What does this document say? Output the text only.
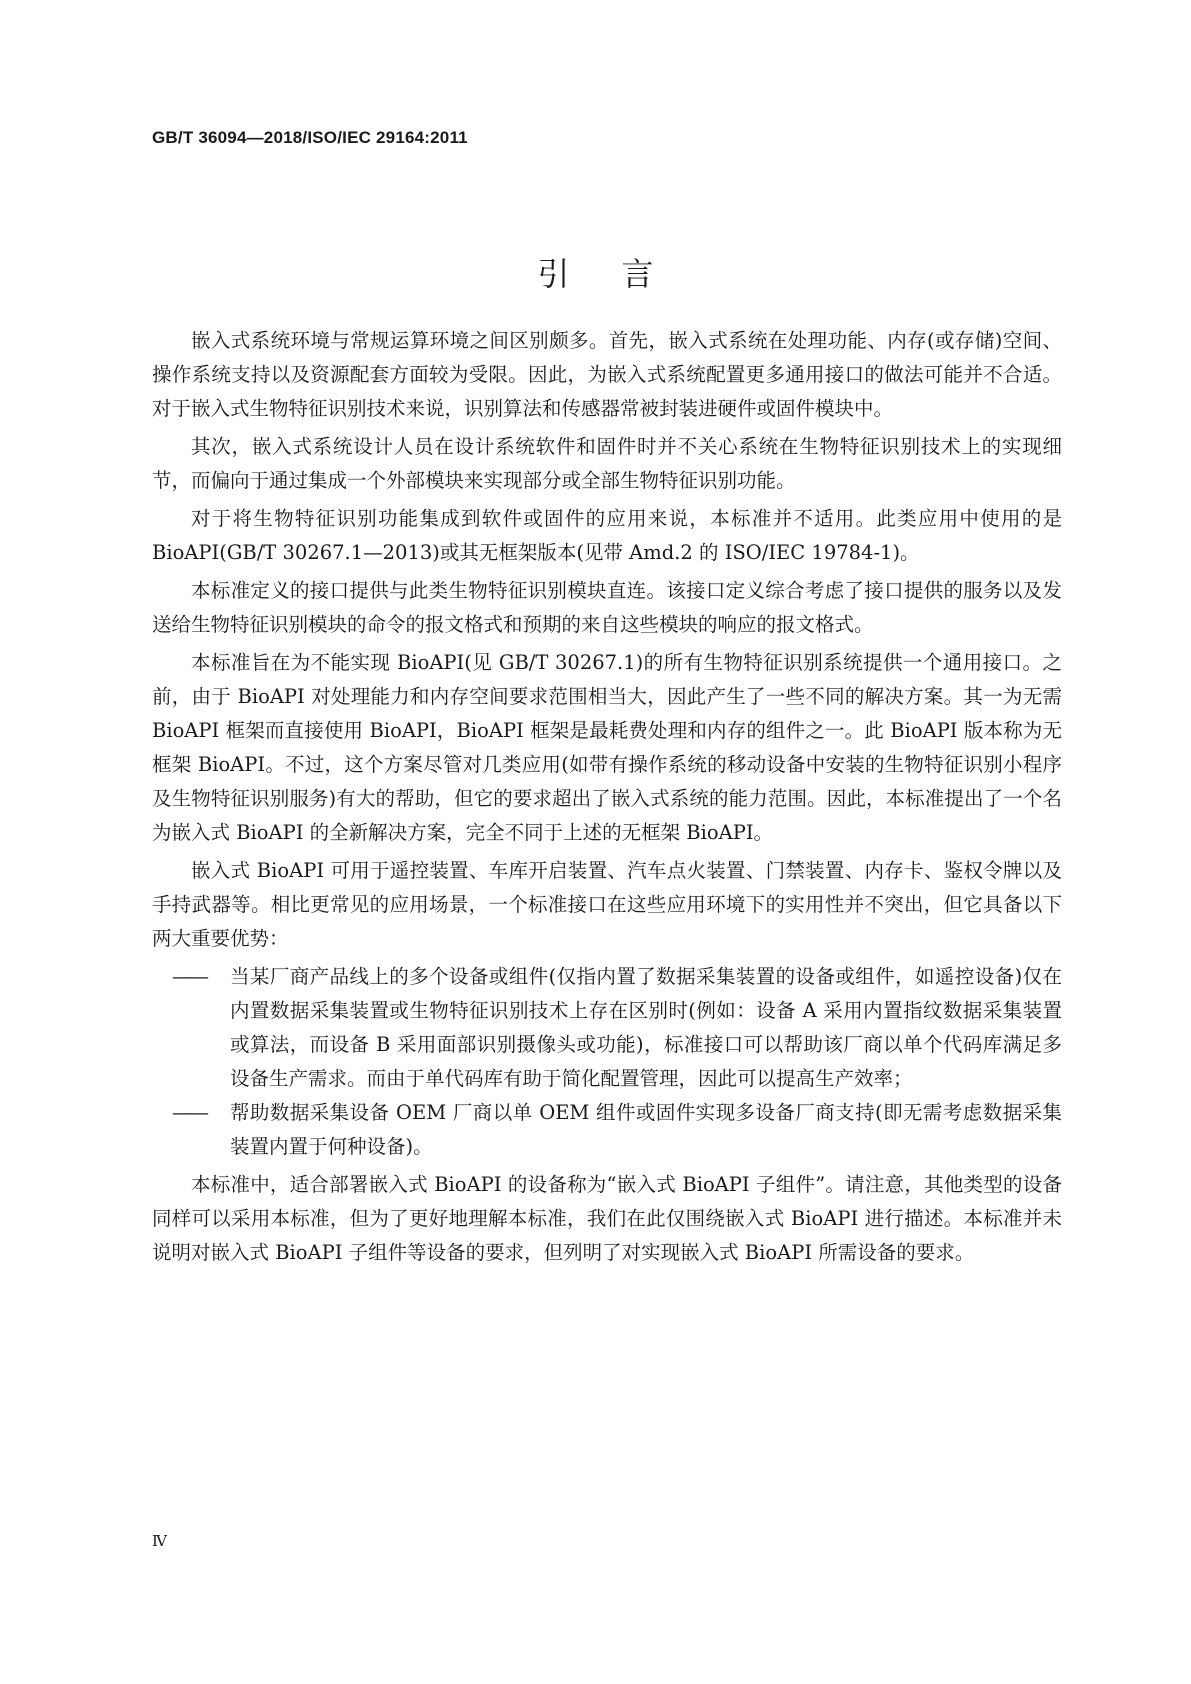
GB/T 36094—2018/ISO/IEC 29164:2011
引言

嵌入式系统环境与常规运算环境之间区别颇多。首先，嵌入式系统在处理功能、内存(或存储)空间、操作系统支持以及资源配套方面较为受限。因此，为嵌入式系统配置更多通用接口的做法可能并不合适。对于嵌入式生物特征识别技术来说，识别算法和传感器常被封装进硬件或固件模块中。

其次，嵌入式系统设计人员在设计系统软件和固件时并不关心系统在生物特征识别技术上的实现细节，而偏向于通过集成一个外部模块来实现部分或全部生物特征识别功能。

对于将生物特征识别功能集成到软件或固件的应用来说，本标准并不适用。此类应用中使用的是BioAPI(GB/T 30267.1—2013)或其无框架版本(见带 Amd.2 的 ISO/IEC 19784-1)。

本标准定义的接口提供与此类生物特征识别模块直连。该接口定义综合考虑了接口提供的服务以及发送给生物特征识别模块的命令的报文格式和预期的来自这些模块的响应的报文格式。

本标准旨在为不能实现 BioAPI(见 GB/T 30267.1)的所有生物特征识别系统提供一个通用接口。之前，由于 BioAPI 对处理能力和内存空间要求范围相当大，因此产生了一些不同的解决方案。其一为无需 BioAPI 框架而直接使用 BioAPI，BioAPI 框架是最耗费处理和内存的组件之一。此 BioAPI 版本称为无框架 BioAPI。不过，这个方案尽管对几类应用(如带有操作系统的移动设备中安装的生物特征识别小程序及生物特征识别服务)有大的帮助，但它的要求超出了嵌入式系统的能力范围。因此，本标准提出了一个名为嵌入式 BioAPI 的全新解决方案，完全不同于上述的无框架 BioAPI。

嵌入式 BioAPI 可用于遥控装置、车库开启装置、汽车点火装置、门禁装置、内存卡、鉴权令牌以及手持武器等。相比更常见的应用场景，一个标准接口在这些应用环境下的实用性并不突出，但它具备以下两大重要优势：

—— 当某厂商产品线上的多个设备或组件(仅指内置了数据采集装置的设备或组件，如遥控设备)仅在内置数据采集装置或生物特征识别技术上存在区别时(例如：设备 A 采用内置指纹数据采集装置或算法，而设备 B 采用面部识别摄像头或功能)，标准接口可以帮助该厂商以单个代码库满足多设备生产需求。而由于单代码库有助于简化配置管理，因此可以提高生产效率；
—— 帮助数据采集设备 OEM 厂商以单 OEM 组件或固件实现多设备厂商支持(即无需考虑数据采集装置内置于何种设备)。

本标准中，适合部署嵌入式 BioAPI 的设备称为“嵌入式 BioAPI 子组件”。请注意，其他类型的设备同样可以采用本标准，但为了更好地理解本标准，我们在此仅围绕嵌入式 BioAPI 进行描述。本标准并未说明对嵌入式 BioAPI 子组件等设备的要求，但列明了对实现嵌入式 BioAPI 所需设备的要求。

Ⅳ
